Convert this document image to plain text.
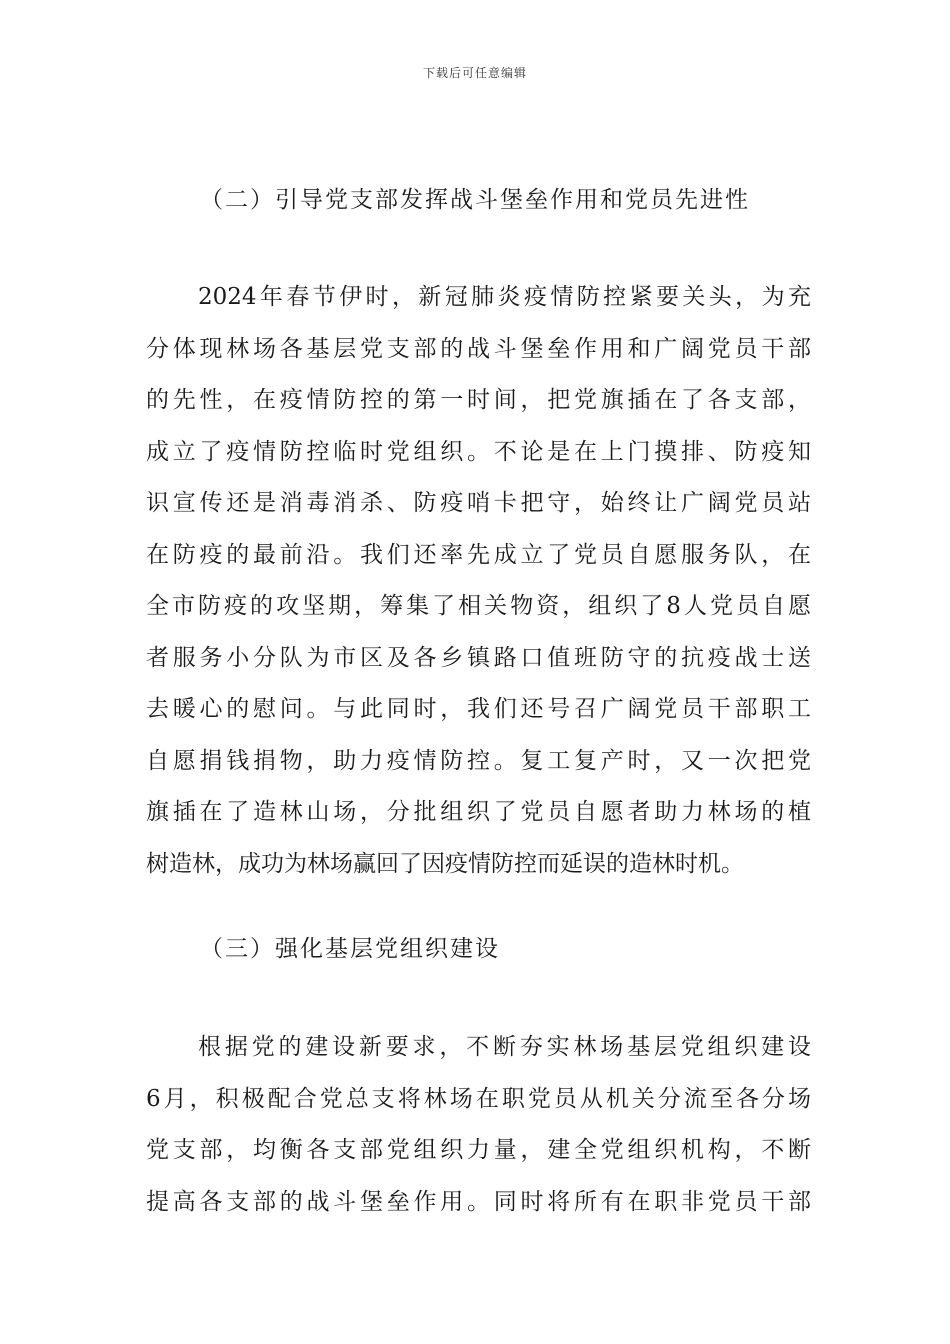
下载后可任意编辑
（二）引导党支部发挥战斗堡垒作用和党员先进性
2024年春节伊时，新冠肺炎疫情防控紧要关头，为充
分体现林场各基层党支部的战斗堡垒作用和广阔党员干部
的先性，在疫情防控的第一时间，把党旗插在了各支部，
成立了疫情防控临时党组织。不论是在上门摸排、防疫知
识宣传还是消毒消杀、防疫哨卡把守，始终让广阔党员站
在防疫的最前沿。我们还率先成立了党员自愿服务队，在
全市防疫的攻坚期，筹集了相关物资，组织了8人党员自愿
者服务小分队为市区及各乡镇路口值班防守的抗疫战士送
去暖心的慰问。与此同时，我们还号召广阔党员干部职工
自愿捐钱捐物，助力疫情防控。复工复产时，又一次把党
旗插在了造林山场，分批组织了党员自愿者助力林场的植
树造林，成功为林场赢回了因疫情防控而延误的造林时机。
（三）强化基层党组织建设
根据党的建设新要求，不断夯实林场基层党组织建设
6月，积极配合党总支将林场在职党员从机关分流至各分场
党支部，均衡各支部党组织力量，建全党组织机构，不断
提高各支部的战斗堡垒作用。同时将所有在职非党员干部
